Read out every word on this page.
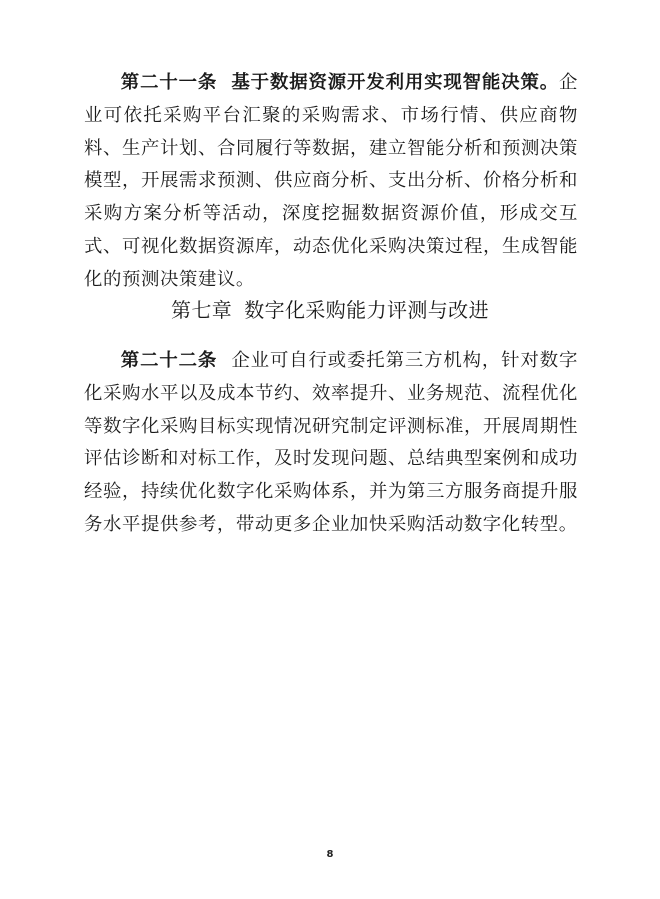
第二十一条 基于数据资源开发利用实现智能决策。企业可依托采购平台汇聚的采购需求、市场行情、供应商物料、生产计划、合同履行等数据，建立智能分析和预测决策模型，开展需求预测、供应商分析、支出分析、价格分析和采购方案分析等活动，深度挖掘数据资源价值，形成交互式、可视化数据资源库，动态优化采购决策过程，生成智能化的预测决策建议。

第七章 数字化采购能力评测与改进

第二十二条 企业可自行或委托第三方机构，针对数字化采购水平以及成本节约、效率提升、业务规范、流程优化等数字化采购目标实现情况研究制定评测标准，开展周期性评估诊断和对标工作，及时发现问题、总结典型案例和成功经验，持续优化数字化采购体系，并为第三方服务商提升服务水平提供参考，带动更多企业加快采购活动数字化转型。

8
